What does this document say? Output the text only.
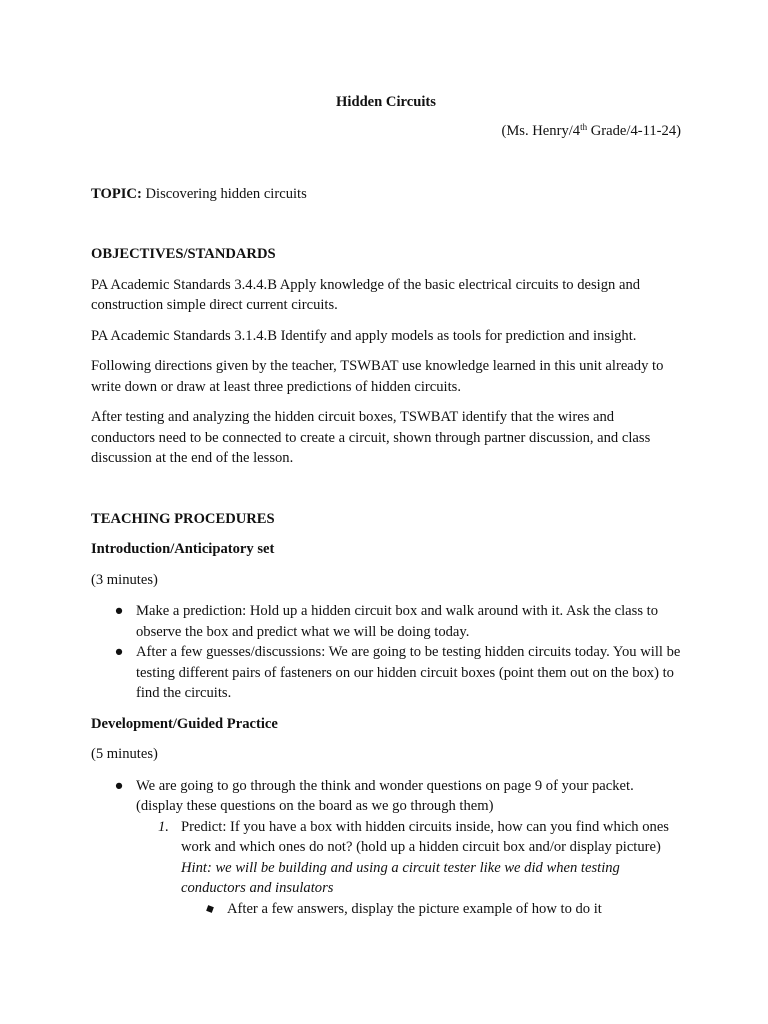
Hidden Circuits
(Ms. Henry/4th Grade/4-11-24)
TOPIC: Discovering hidden circuits
OBJECTIVES/STANDARDS

PA Academic Standards 3.4.4.B Apply knowledge of the basic electrical circuits to design and construction simple direct current circuits.

PA Academic Standards 3.1.4.B Identify and apply models as tools for prediction and insight.

Following directions given by the teacher, TSWBAT use knowledge learned in this unit already to write down or draw at least three predictions of hidden circuits.

After testing and analyzing the hidden circuit boxes, TSWBAT identify that the wires and conductors need to be connected to create a circuit, shown through partner discussion, and class discussion at the end of the lesson.

TEACHING PROCEDURES
Introduction/Anticipatory set
(3 minutes)
● Make a prediction: Hold up a hidden circuit box and walk around with it. Ask the class to observe the box and predict what we will be doing today.
● After a few guesses/discussions: We are going to be testing hidden circuits today. You will be testing different pairs of fasteners on our hidden circuit boxes (point them out on the box) to find the circuits.
Development/Guided Practice
(5 minutes)
● We are going to go through the think and wonder questions on page 9 of your packet. (display these questions on the board as we go through them)
1. Predict: If you have a box with hidden circuits inside, how can you find which ones work and which ones do not? (hold up a hidden circuit box and/or display picture) Hint: we will be building and using a circuit tester like we did when testing conductors and insulators
After a few answers, display the picture example of how to do it
